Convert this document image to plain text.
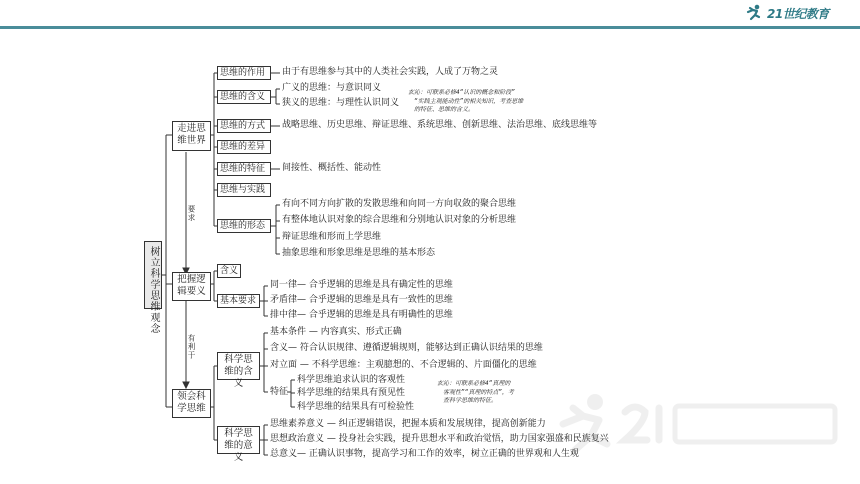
21世纪教育
树立科学思维观念
走进思维世界
把握逻辑要义
领会科学思维
要求
有利于
思维的作用	由于有思维参与其中的人类社会实践，人成了万物之灵
思维的含义
广义的思维：与意识同义
狭义的思维：与理性认识同义
玄沁：可联系必修4“认识的概念和阶段”
“实践主观能动性”的相关知识，考查思维
的特征、思维的含义。
思维的方式	战略思维、历史思维、辩证思维、系统思维、创新思维、法治思维、底线思维等
思维的差异
思维的特征	间接性、概括性、能动性
思维与实践
思维的形态
有向不同方向扩散的发散思维和向同一方向収敛的聚合思维
有整体地认识对象的综合思维和分别地认识对象的分析思维
辩证思维和形而上学思维
抽象思维和形象思维是思维的基本形态
含义
基本要求
同一律— 合乎逻辑的思维是具有确定性的思维
矛盾律— 合乎逻辑的思维是具有一致性的思维
排中律— 合乎逻辑的思维是具有明确性的思维
科学思维的含义
基本条件 — 内容真实、形式正确
含义— 符合认识规律、遵循逻辑规则，能够达到正确认识结果的思维
对立面 — 不科学思维：主观臆想的、不合逻辑的、片面僵化的思维
特征
科学思维追求认识的客观性
科学思维的结果具有预见性
科学思维的结果具有可检验性
玄沁：可联系必修4“真理的
客观性”“真理的特点”，考
查科学思维的特征。
科学思维的意义
思维素养意义 — 纠正逻辑错误，把握本质和发展规律，提高创新能力
思想政治意义 — 投身社会实践，提升思想水平和政治觉悟，助力国家强盛和民族复兴
总意义— 正确认识事物，提高学习和工作的效率，树立正确的世界观和人生观
